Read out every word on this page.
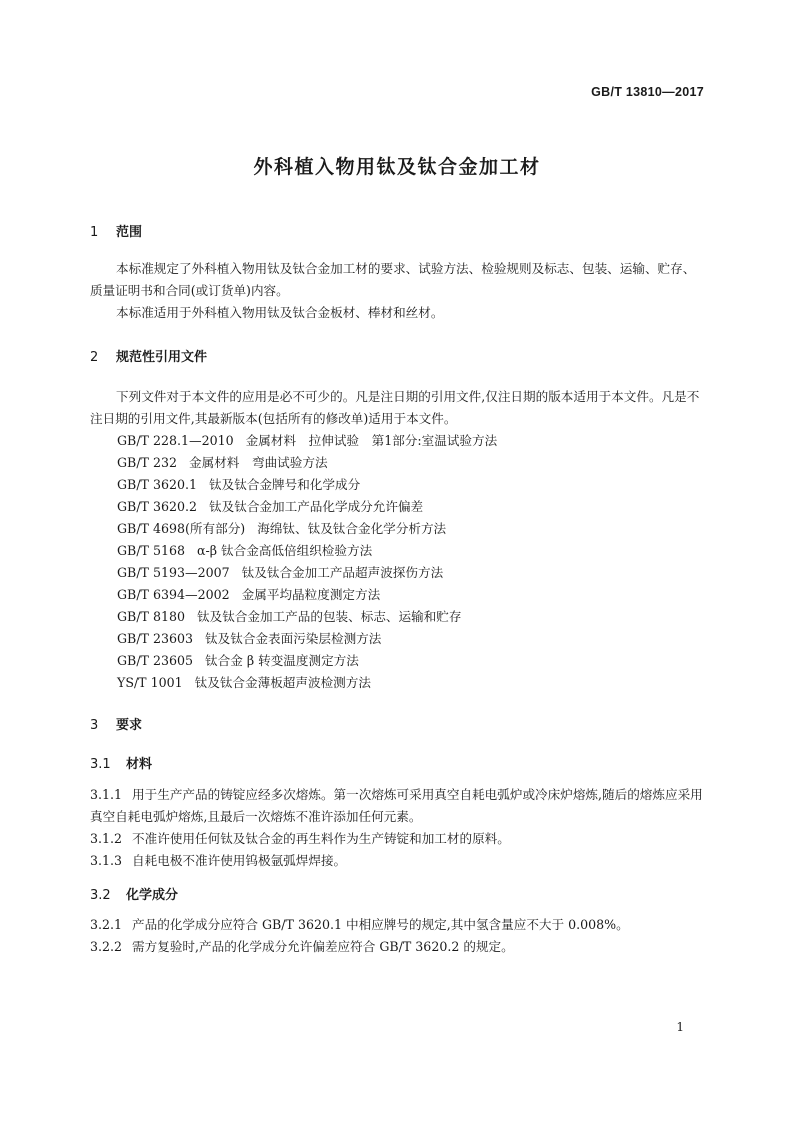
GB/T 13810—2017
外科植入物用钛及钛合金加工材
1 范围
本标准规定了外科植入物用钛及钛合金加工材的要求、试验方法、检验规则及标志、包装、运输、贮存、质量证明书和合同(或订货单)内容。
本标准适用于外科植入物用钛及钛合金板材、棒材和丝材。
2 规范性引用文件
下列文件对于本文件的应用是必不可少的。凡是注日期的引用文件,仅注日期的版本适用于本文件。凡是不注日期的引用文件,其最新版本(包括所有的修改单)适用于本文件。
GB/T 228.1—2010 金属材料　拉伸试验　第1部分:室温试验方法
GB/T 232 金属材料　弯曲试验方法
GB/T 3620.1 钛及钛合金牌号和化学成分
GB/T 3620.2 钛及钛合金加工产品化学成分允许偏差
GB/T 4698(所有部分) 海绵钛、钛及钛合金化学分析方法
GB/T 5168 α-β 钛合金高低倍组织检验方法
GB/T 5193—2007 钛及钛合金加工产品超声波探伤方法
GB/T 6394—2002 金属平均晶粒度测定方法
GB/T 8180 钛及钛合金加工产品的包装、标志、运输和贮存
GB/T 23603 钛及钛合金表面污染层检测方法
GB/T 23605 钛合金 β 转变温度测定方法
YS/T 1001 钛及钛合金薄板超声波检测方法
3 要求
3.1 材料
3.1.1 用于生产产品的铸锭应经多次熔炼。第一次熔炼可采用真空自耗电弧炉或冷床炉熔炼,随后的熔炼应采用真空自耗电弧炉熔炼,且最后一次熔炼不准许添加任何元素。
3.1.2 不准许使用任何钛及钛合金的再生料作为生产铸锭和加工材的原料。
3.1.3 自耗电极不准许使用钨极氩弧焊焊接。
3.2 化学成分
3.2.1 产品的化学成分应符合 GB/T 3620.1 中相应牌号的规定,其中氢含量应不大于 0.008%。
3.2.2 需方复验时,产品的化学成分允许偏差应符合 GB/T 3620.2 的规定。
1
